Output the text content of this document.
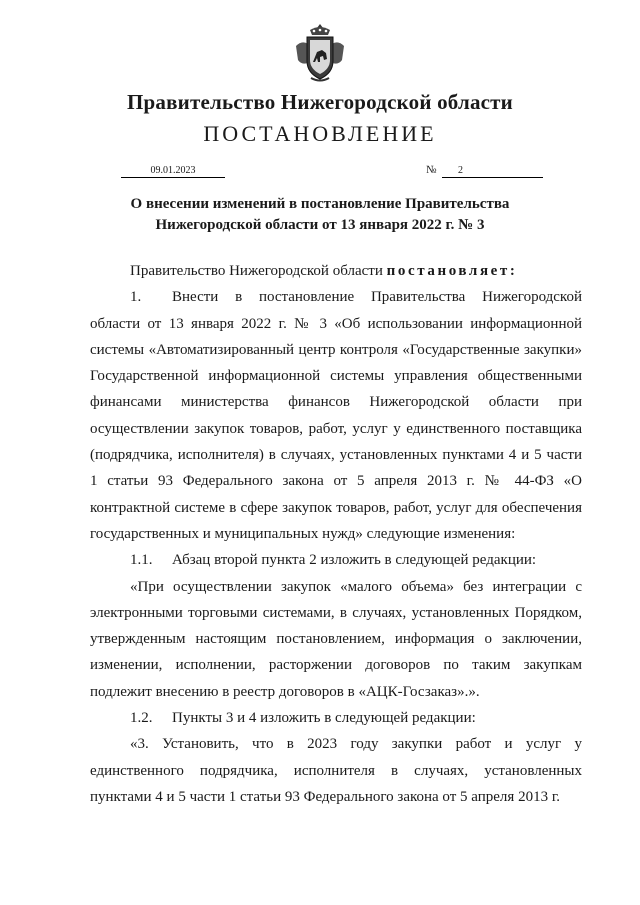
Правительство Нижегородской области
ПОСТАНОВЛЕНИЕ
09.01.2023	№	2
О внесении изменений в постановление Правительства
Нижегородской области от 13 января 2022 г. № 3

Правительство Нижегородской области постановляет:

1. Внести в постановление Правительства Нижегородской области от 13 января 2022 г. № 3 «Об использовании информационной системы «Автоматизированный центр контроля «Государственные закупки» Государственной информационной системы управления общественными финансами министерства финансов Нижегородской области при осуществлении закупок товаров, работ, услуг у единственного поставщика (подрядчика, исполнителя) в случаях, установленных пунктами 4 и 5 части 1 статьи 93 Федерального закона от 5 апреля 2013 г. № 44-ФЗ «О контрактной системе в сфере закупок товаров, работ, услуг для обеспечения государственных и муниципальных нужд» следующие изменения:

1.1. Абзац второй пункта 2 изложить в следующей редакции:

«При осуществлении закупок «малого объема» без интеграции с электронными торговыми системами, в случаях, установленных Порядком, утвержденным настоящим постановлением, информация о заключении, изменении, исполнении, расторжении договоров по таким закупкам подлежит внесению в реестр договоров в «АЦК-Госзаказ».».

1.2. Пункты 3 и 4 изложить в следующей редакции:

«3. Установить, что в 2023 году закупки работ и услуг у единственного подрядчика, исполнителя в случаях, установленных пунктами 4 и 5 части 1 статьи 93 Федерального закона от 5 апреля 2013 г.
